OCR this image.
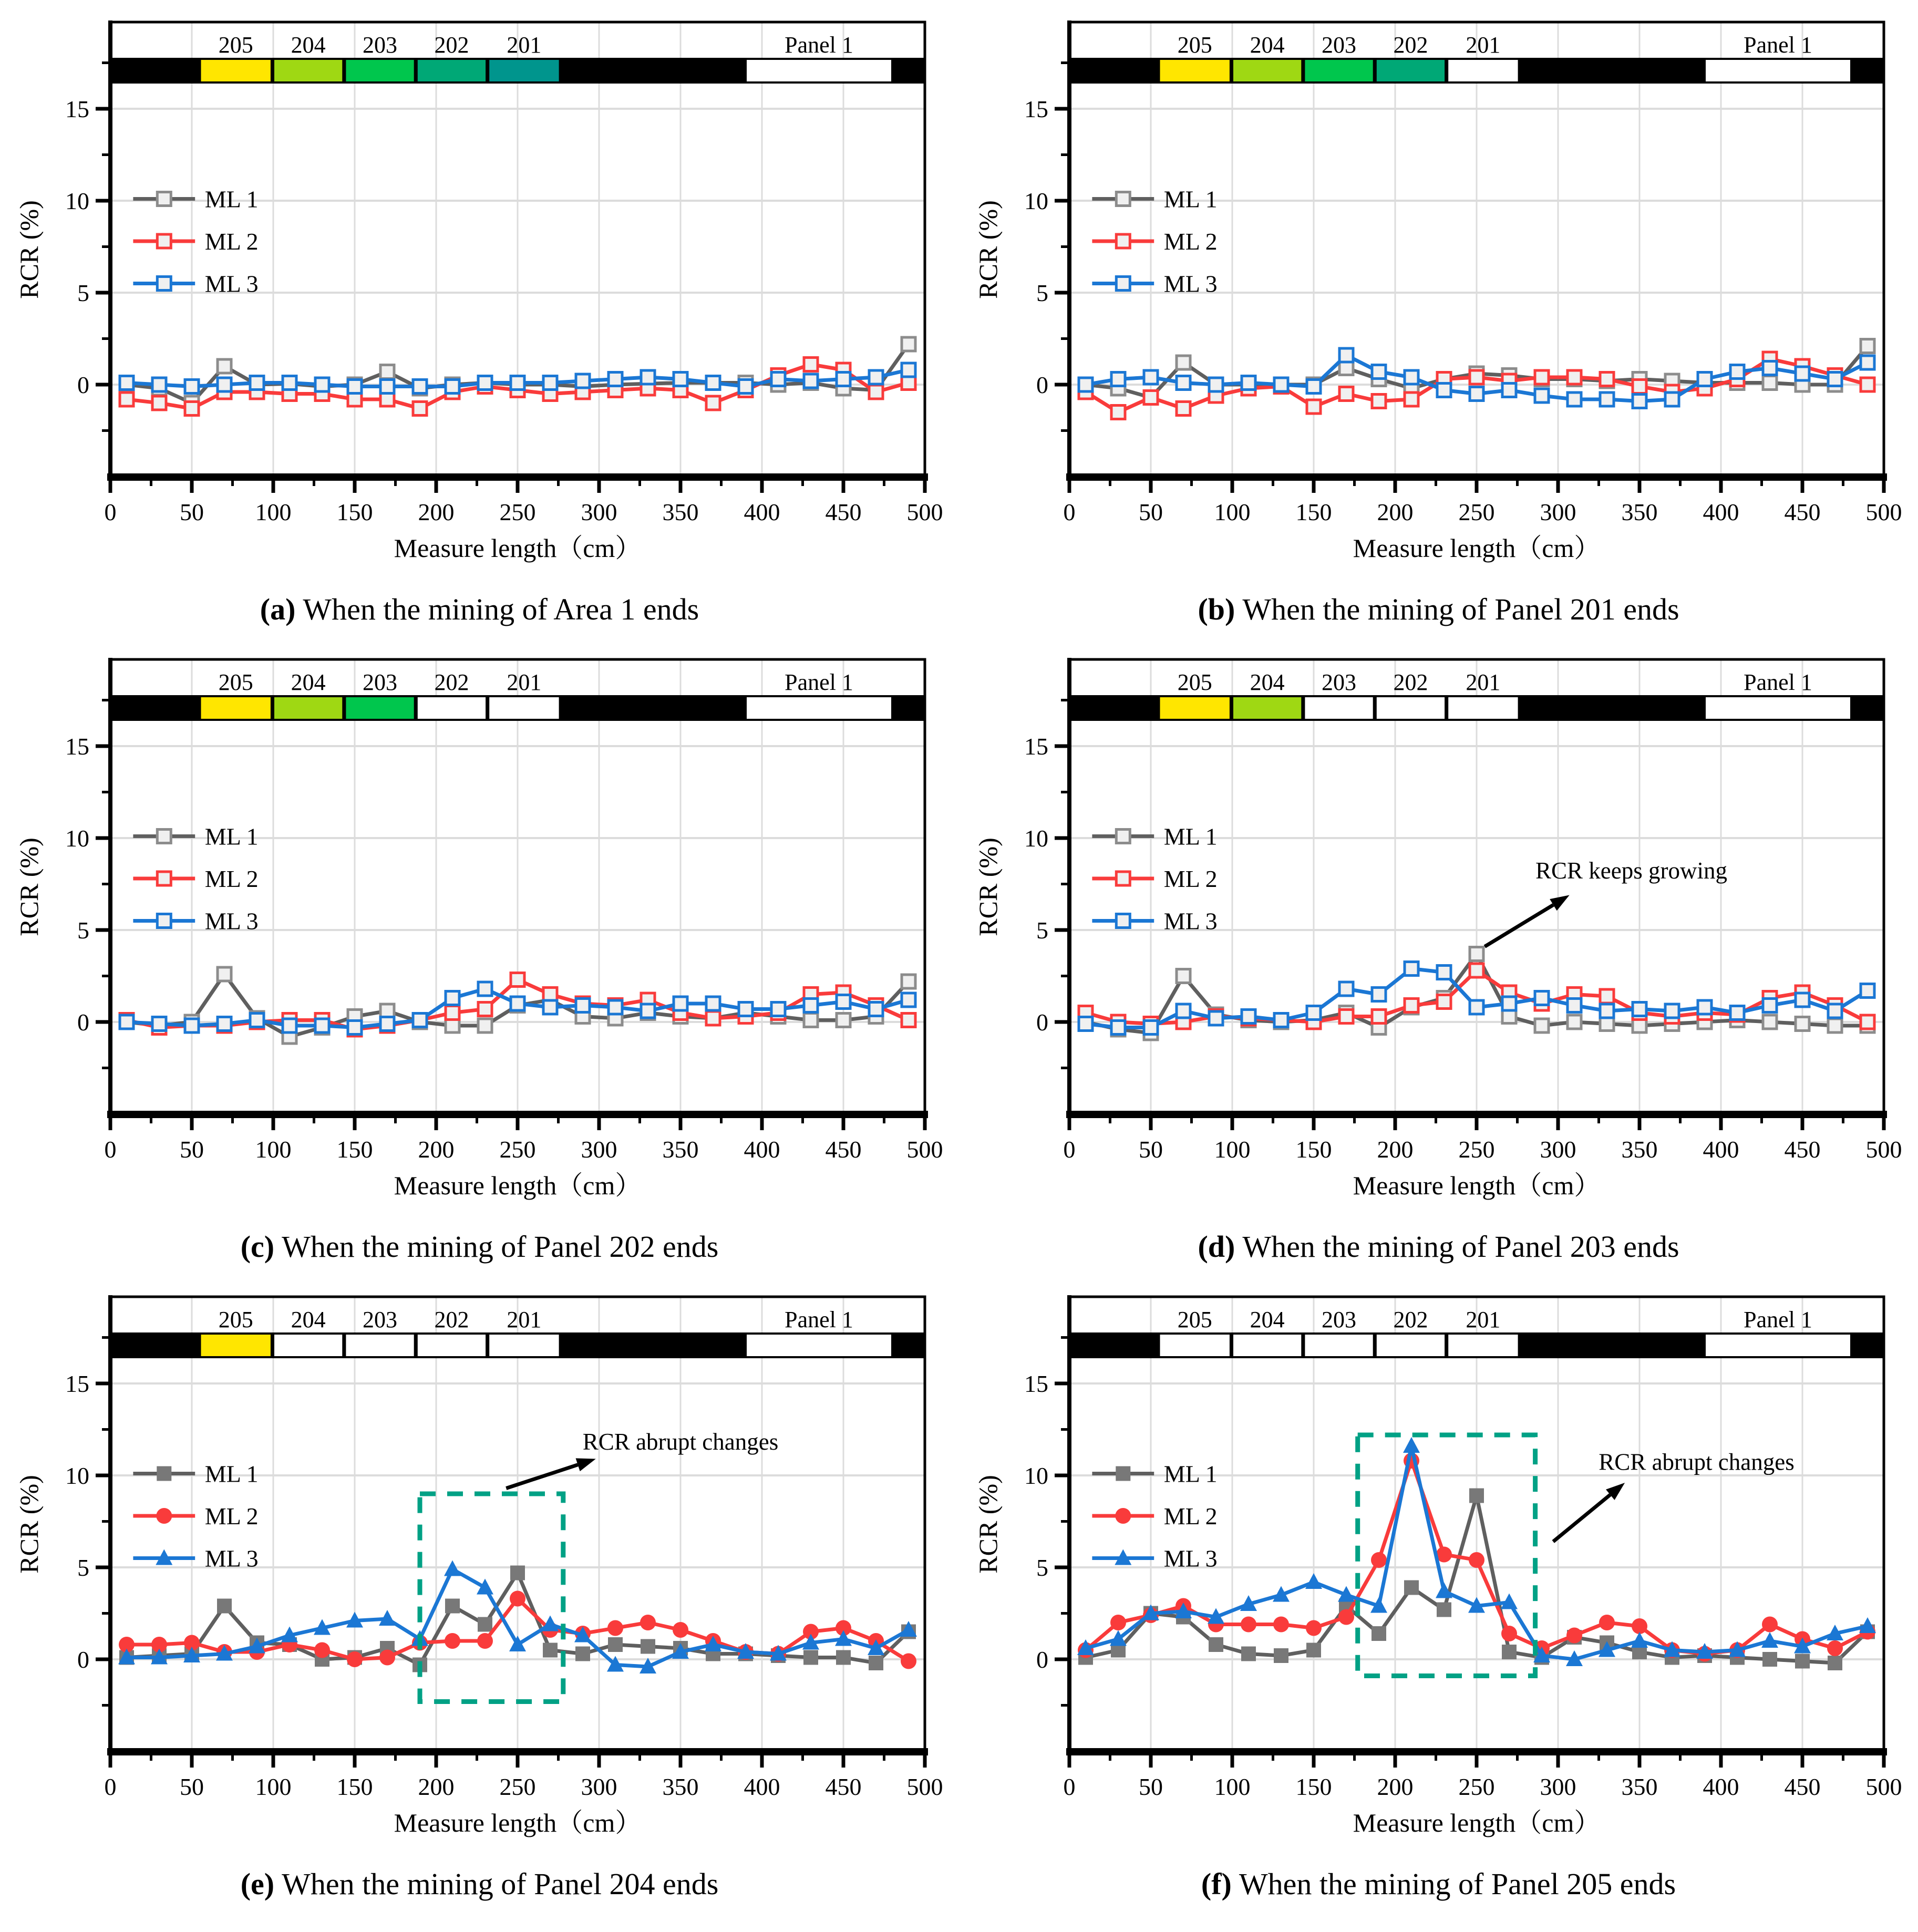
205 204 203 202 201	Panel 1
ML 1
ML 2
ML 3
0	50 100 150 200 250 300 350 400 450 500
0
5
10
15
Measure length（cm）
RCR (%)
(a) When the mining of Area 1 ends
205 204 203 202 201	Panel 1
ML 1
ML 2
ML 3
0	50 100 150 200 250 300 350 400 450 500
0
5
10
15
Measure length（cm）
RCR (%)
(b) When the mining of Panel 201 ends
205 204 203 202 201	Panel 1
ML 1
ML 2
ML 3
0	50 100 150 200 250 300 350 400 450 500
0
5
10
15
Measure length（cm）
RCR (%)
(c) When the mining of Panel 202 ends
RCR keeps growing
205 204 203 202 201	Panel 1
ML 1
ML 2
ML 3
0	50 100 150 200 250 300 350 400 450 500
0
5
10
15
Measure length（cm）
RCR (%)
(d) When the mining of Panel 203 ends
RCR abrupt changes
205 204 203 202 201	Panel 1
ML 1
ML 2
ML 3
0	50 100 150 200 250 300 350 400 450 500
0
5
10
15
Measure length（cm）
RCR (%)
(e) When the mining of Panel 204 ends
RCR abrupt changes
205 204 203 202 201	Panel 1
ML 1
ML 2
ML 3
0	50 100 150 200 250 300 350 400 450 500
0
5
10
15
Measure length（cm）
RCR (%)
(f) When the mining of Panel 205 ends
